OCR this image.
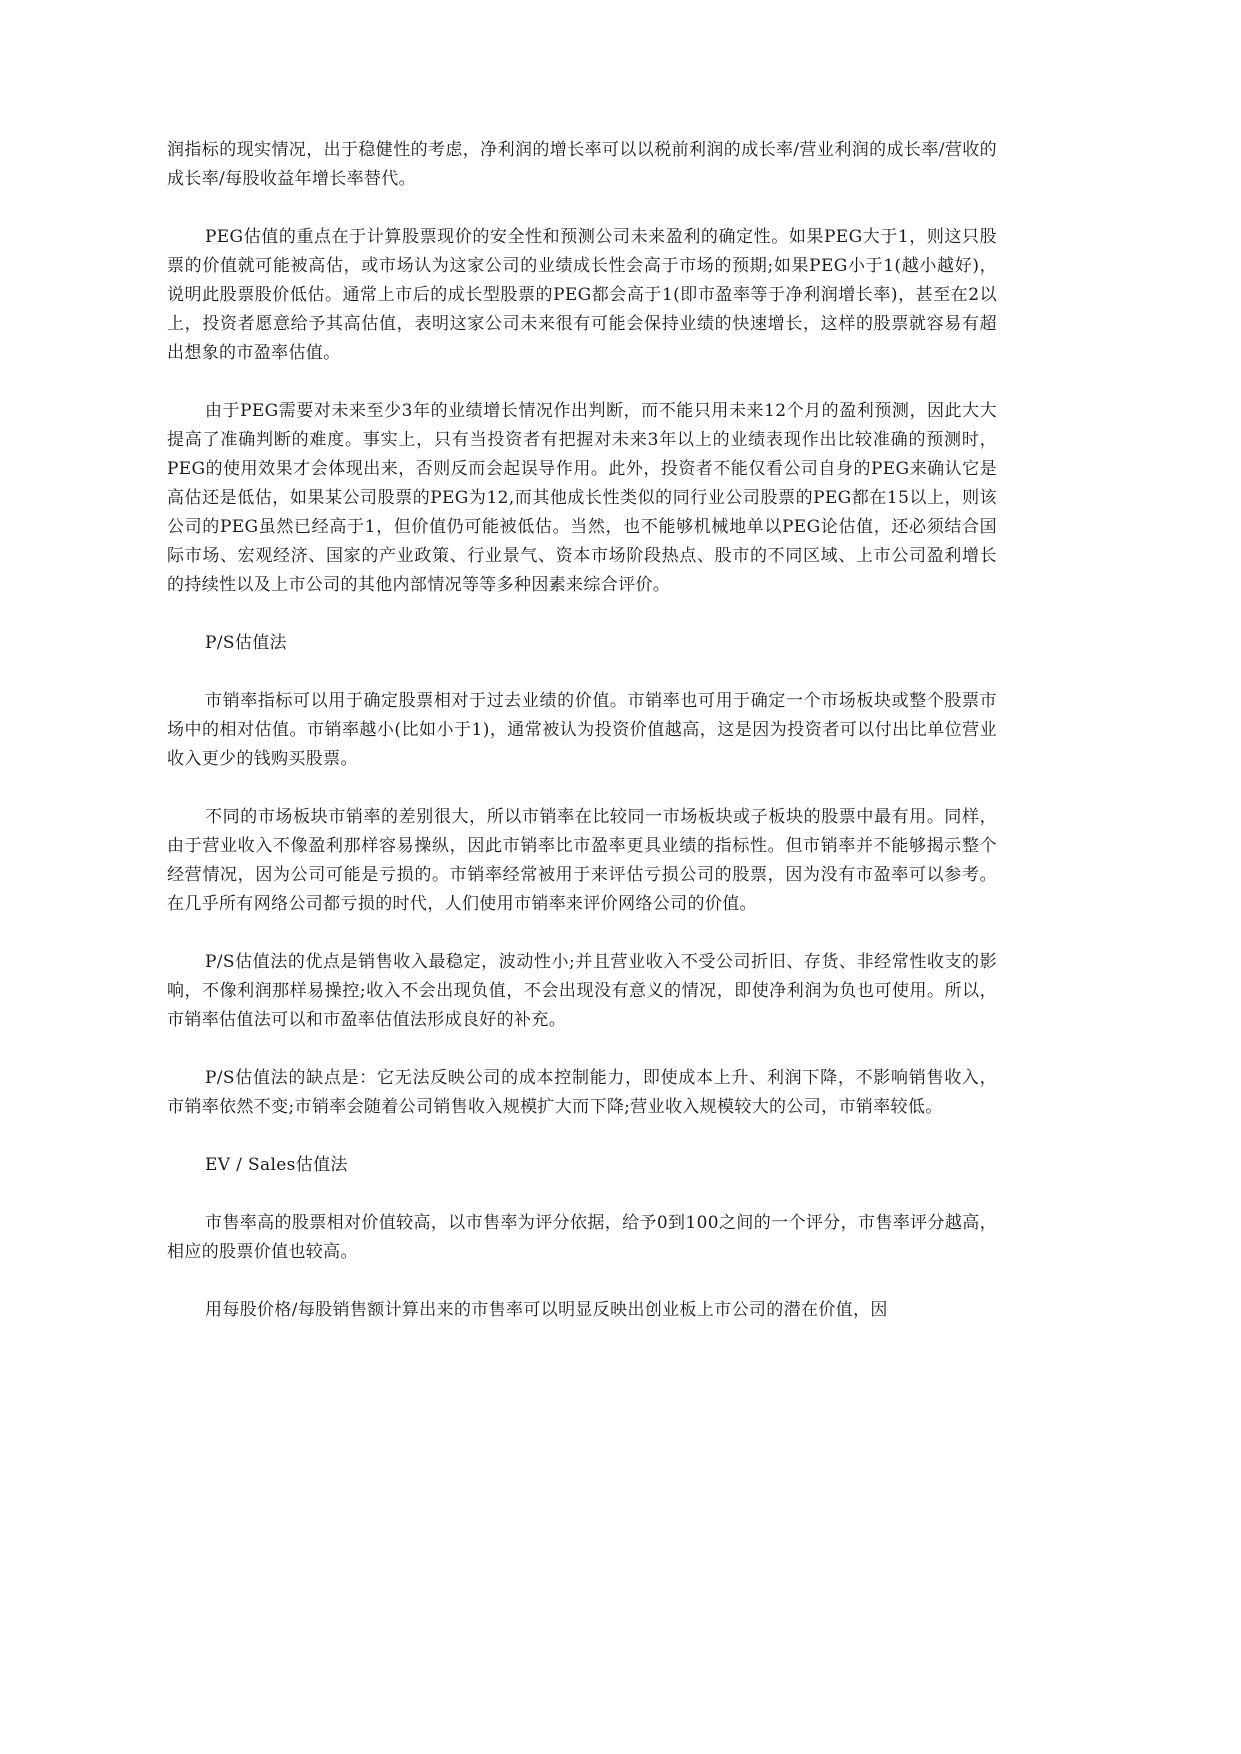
润指标的现实情况，出于稳健性的考虑，净利润的增长率可以以税前利润的成长率/营业利润的成长率/营收的成长率/每股收益年增长率替代。

PEG估值的重点在于计算股票现价的安全性和预测公司未来盈利的确定性。如果PEG大于1，则这只股票的价值就可能被高估，或市场认为这家公司的业绩成长性会高于市场的预期;如果PEG小于1(越小越好)，说明此股票股价低估。通常上市后的成长型股票的PEG都会高于1(即市盈率等于净利润增长率)，甚至在2以上，投资者愿意给予其高估值，表明这家公司未来很有可能会保持业绩的快速增长，这样的股票就容易有超出想象的市盈率估值。

由于PEG需要对未来至少3年的业绩增长情况作出判断，而不能只用未来12个月的盈利预测，因此大大提高了准确判断的难度。事实上，只有当投资者有把握对未来3年以上的业绩表现作出比较准确的预测时，PEG的使用效果才会体现出来，否则反而会起误导作用。此外，投资者不能仅看公司自身的PEG来确认它是高估还是低估，如果某公司股票的PEG为12,而其他成长性类似的同行业公司股票的PEG都在15以上，则该公司的PEG虽然已经高于1，但价值仍可能被低估。当然，也不能够机械地单以PEG论估值，还必须结合国际市场、宏观经济、国家的产业政策、行业景气、资本市场阶段热点、股市的不同区域、上市公司盈利增长的持续性以及上市公司的其他内部情况等等多种因素来综合评价。

P/S估值法

市销率指标可以用于确定股票相对于过去业绩的价值。市销率也可用于确定一个市场板块或整个股票市场中的相对估值。市销率越小(比如小于1)，通常被认为投资价值越高，这是因为投资者可以付出比单位营业收入更少的钱购买股票。

不同的市场板块市销率的差别很大，所以市销率在比较同一市场板块或子板块的股票中最有用。同样，由于营业收入不像盈利那样容易操纵，因此市销率比市盈率更具业绩的指标性。但市销率并不能够揭示整个经营情况，因为公司可能是亏损的。市销率经常被用于来评估亏损公司的股票，因为没有市盈率可以参考。在几乎所有网络公司都亏损的时代，人们使用市销率来评价网络公司的价值。

P/S估值法的优点是销售收入最稳定，波动性小;并且营业收入不受公司折旧、存货、非经常性收支的影响，不像利润那样易操控;收入不会出现负值，不会出现没有意义的情况，即使净利润为负也可使用。所以，市销率估值法可以和市盈率估值法形成良好的补充。

P/S估值法的缺点是：它无法反映公司的成本控制能力，即使成本上升、利润下降，不影响销售收入，市销率依然不变;市销率会随着公司销售收入规模扩大而下降;营业收入规模较大的公司，市销率较低。

EV / Sales估值法

市售率高的股票相对价值较高，以市售率为评分依据，给予0到100之间的一个评分，市售率评分越高，相应的股票价值也较高。

用每股价格/每股销售额计算出来的市售率可以明显反映出创业板上市公司的潜在价值，因
